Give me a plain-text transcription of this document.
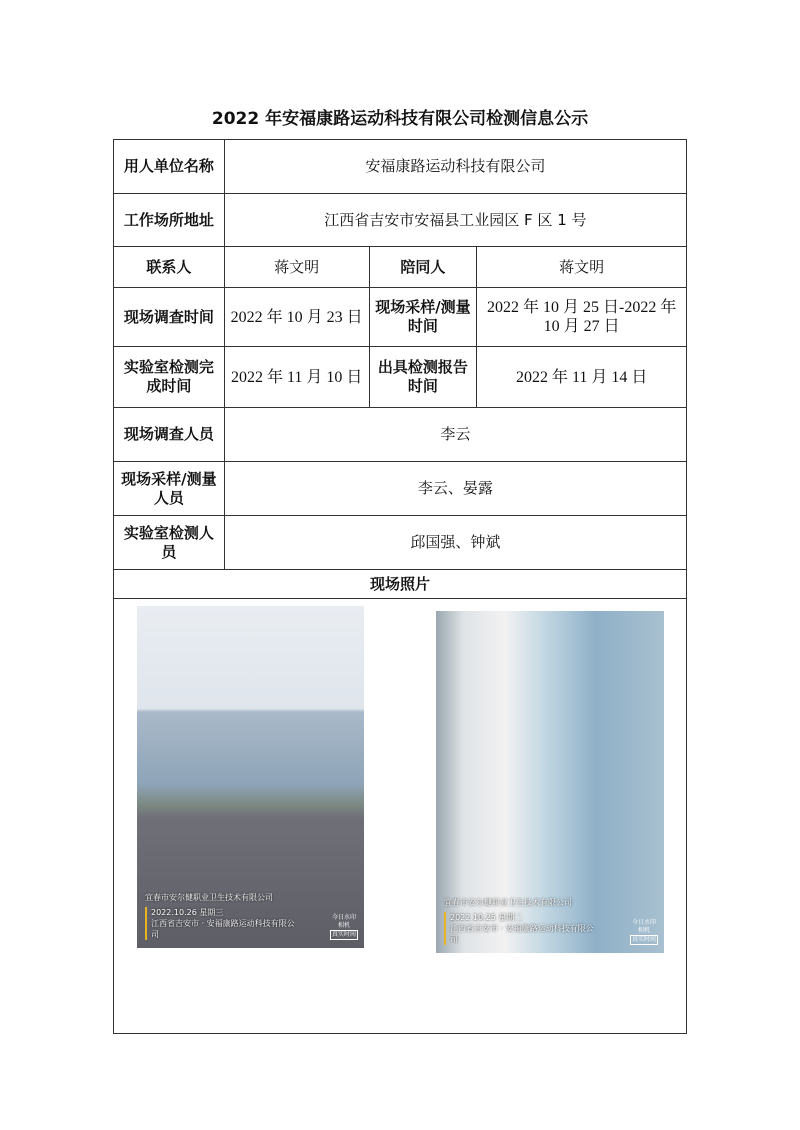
2022 年安福康路运动科技有限公司检测信息公示
用人单位名称	安福康路运动科技有限公司		
工作场所地址	江西省吉安市安福县工业园区 F 区 1 号		
联系人	蒋文明	陪同人	蒋文明
现场调查时间	2022 年 10 月 23 日	现场采样/测量时间	2022 年 10 月 25 日-2022 年 10 月 27 日
实验室检测完成时间	2022 年 11 月 10 日	出具检测报告时间	2022 年 11 月 14 日
现场调查人员	李云		
现场采样/测量人员	李云、晏露		
实验室检测人员	邱国强、钟斌		
现场照片			

宜春市安尔健职业卫生技术有限公司
2022.10.26 星期三
江西省吉安市 · 安福康路运动科技有限公司
今日水印
相机
真实时间
宜春市安尔健职业卫生技术有限公司
2022.10.25 星期二
江西省吉安市 · 安福康路运动科技有限公司
今日水印
相机
真实时间
